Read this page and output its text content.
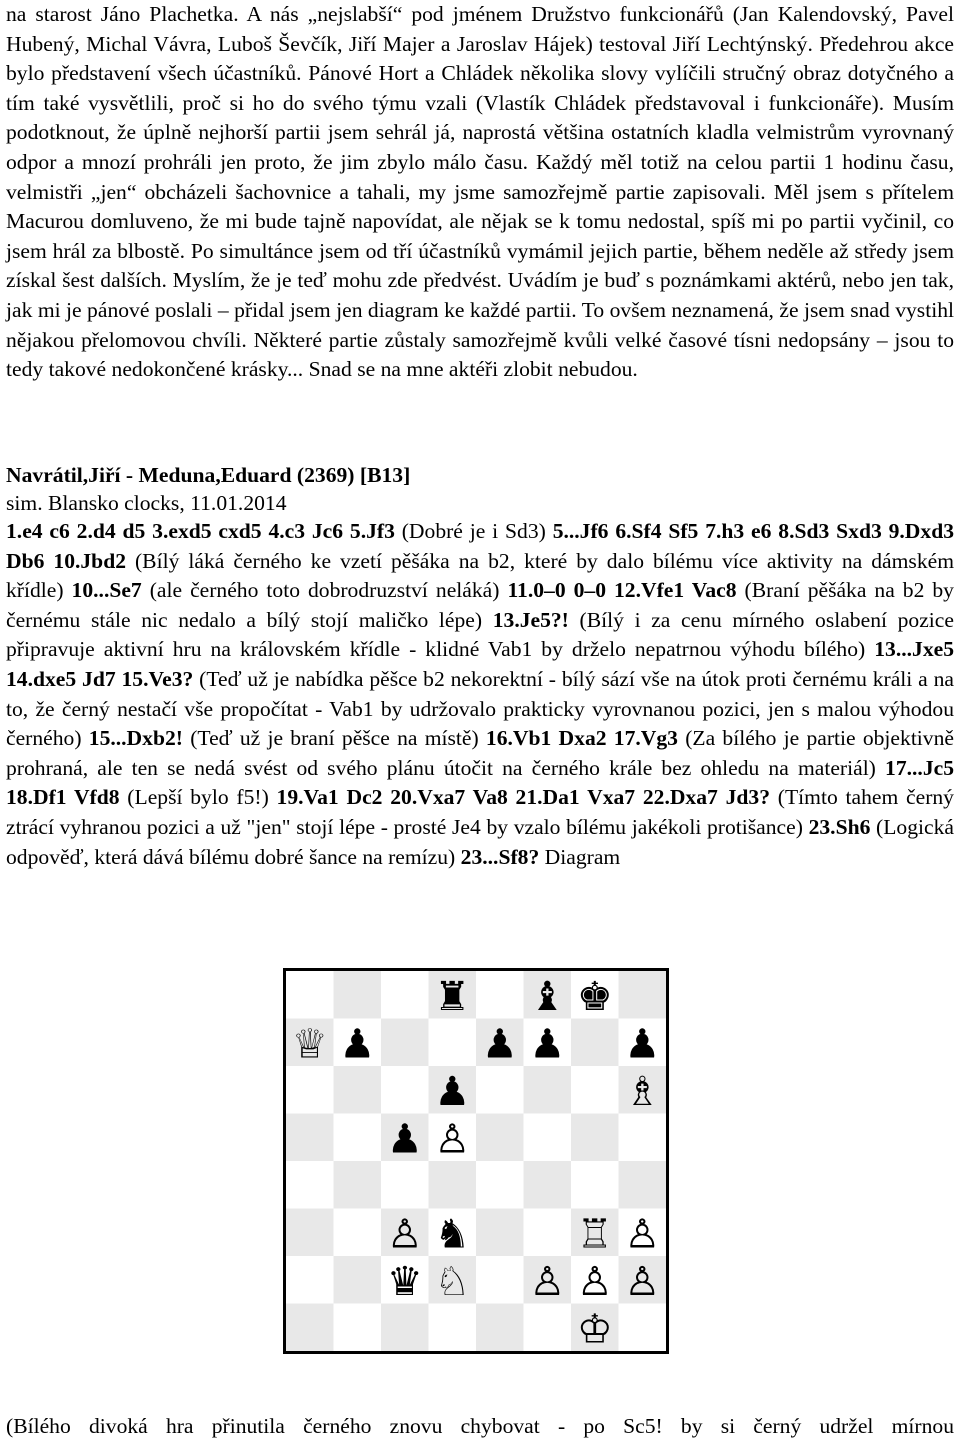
na starost Jáno Plachetka. A nás „nejslabší“ pod jménem Družstvo funkcionářů (Jan Kalendovský, Pavel Hubený, Michal Vávra, Luboš Ševčík, Jiří Majer a Jaroslav Hájek) testoval Jiří Lechtýnský. Předehrou akce bylo představení všech účastníků. Pánové Hort a Chládek několika slovy vylíčili stručný obraz dotyčného a tím také vysvětlili, proč si ho do svého týmu vzali (Vlastík Chládek představoval i funkcionáře). Musím podotknout, že úplně nejhorší partii jsem sehrál já, naprostá většina ostatních kladla velmistrům vyrovnaný odpor a mnozí prohráli jen proto, že jim zbylo málo času. Každý měl totiž na celou partii 1 hodinu času, velmistři „jen“ obcházeli šachovnice a tahali, my jsme samozřejmě partie zapisovali. Měl jsem s přítelem Macurou domluveno, že mi bude tajně napovídat, ale nějak se k tomu nedostal, spíš mi po partii vyčinil, co jsem hrál za blbostě. Po simultánce jsem od tří účastníků vymámil jejich partie, během neděle až středy jsem získal šest dalších. Myslím, že je teď mohu zde předvést. Uvádím je buď s poznámkami aktérů, nebo jen tak, jak mi je pánové poslali – přidal jsem jen diagram ke každé partii. To ovšem neznamená, že jsem snad vystihl nějakou přelomovou chvíli. Některé partie zůstaly samozřejmě kvůli velké časové tísni nedopsány – jsou to tedy takové nedokončené krásky... Snad se na mne aktéři zlobit nebudou.
Navrátil,Jiří - Meduna,Eduard (2369) [B13]
sim. Blansko clocks, 11.01.2014
1.e4 c6 2.d4 d5 3.exd5 cxd5 4.c3 Jc6 5.Jf3 (Dobré je i Sd3) 5...Jf6 6.Sf4 Sf5 7.h3 e6 8.Sd3 Sxd3 9.Dxd3 Db6 10.Jbd2 (Bílý láká černého ke vzetí pěšáka na b2, které by dalo bílému více aktivity na dámském křídle) 10...Se7 (ale černého toto dobrodruzství neláká) 11.0–0 0–0 12.Vfe1 Vac8 (Braní pěšáka na b2 by černému stále nic nedalo a bílý stojí maličko lépe) 13.Je5?! (Bílý i za cenu mírného oslabení pozice připravuje aktivní hru na královském křídle - klidné Vab1 by drželo nepatrnou výhodu bílého) 13...Jxe5 14.dxe5 Jd7 15.Ve3? (Teď už je nabídka pěšce b2 nekorektní - bílý sází vše na útok proti černému králi a na to, že černý nestačí vše propočítat - Vab1 by udržovalo prakticky vyrovnanou pozici, jen s malou výhodou černého) 15...Dxb2! (Teď už je braní pěšce na místě) 16.Vb1 Dxa2 17.Vg3 (Za bílého je partie objektivně prohraná, ale ten se nedá svést od svého plánu útočit na černého krále bez ohledu na materiál) 17...Jc5 18.Df1 Vfd8 (Lepší bylo f5!) 19.Va1 Dc2 20.Vxa7 Va8 21.Da1 Vxa7 22.Dxa7 Jd3? (Tímto tahem černý ztrácí vyhranou pozici a už "jen" stojí lépe - prosté Je4 by vzalo bílému jakékoli protišance) 23.Sh6 (Logická odpověď, která dává bílému dobré šance na remízu) 23...Sf8? Diagram
♜ ♝ ♚
♕ ♟	♟ ♟ ♟
♟	♗
♟ ♙
♙ ♞	♖
♛ ♘ ♙ ♙ ♙
♙
♔
(Bílého divoká hra přinutila černého znovu chybovat - po Sc5! by si černý udržel mírnou
